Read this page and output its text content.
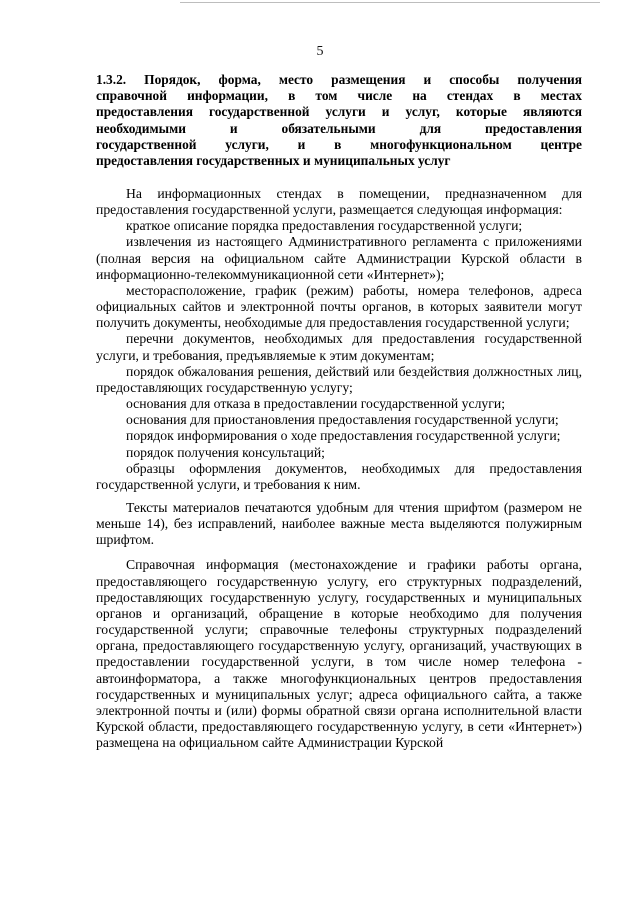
5
1.3.2. Порядок, форма, место размещения и способы получения
справочной информации, в том числе на стендах в местах
предоставления государственной услуги и услуг, которые являются
необходимыми и обязательными для предоставления
государственной услуги, и в многофункциональном центре
предоставления государственных и муниципальных услуг

На информационных стендах в помещении, предназначенном для предоставления государственной услуги, размещается следующая информация:

краткое описание порядка предоставления государственной услуги;

извлечения из настоящего Административного регламента с приложениями (полная версия на официальном сайте Администрации Курской области в информационно-телекоммуникационной сети «Интернет»);

месторасположение, график (режим) работы, номера телефонов, адреса официальных сайтов и электронной почты органов, в которых заявители могут получить документы, необходимые для предоставления государственной услуги;

перечни документов, необходимых для предоставления государственной услуги, и требования, предъявляемые к этим документам;

порядок обжалования решения, действий или бездействия должностных лиц, предоставляющих государственную услугу;

основания для отказа в предоставлении государственной услуги;

основания для приостановления предоставления государственной услуги;

порядок информирования о ходе предоставления государственной услуги;

порядок получения консультаций;

образцы оформления документов, необходимых для предоставления государственной услуги, и требования к ним.

Тексты материалов печатаются удобным для чтения шрифтом (размером не меньше 14), без исправлений, наиболее важные места выделяются полужирным шрифтом.

Справочная информация (местонахождение и графики работы органа, предоставляющего государственную услугу, его структурных подразделений, предоставляющих государственную услугу, государственных и муниципальных органов и организаций, обращение в которые необходимо для получения государственной услуги; справочные телефоны структурных подразделений органа, предоставляющего государственную услугу, организаций, участвующих в предоставлении государственной услуги, в том числе номер телефона - автоинформатора, а также многофункциональных центров предоставления государственных и муниципальных услуг; адреса официального сайта, а также электронной почты и (или) формы обратной связи органа исполнительной власти Курской области, предоставляющего государственную услугу, в сети «Интернет») размещена на официальном сайте Администрации Курской
